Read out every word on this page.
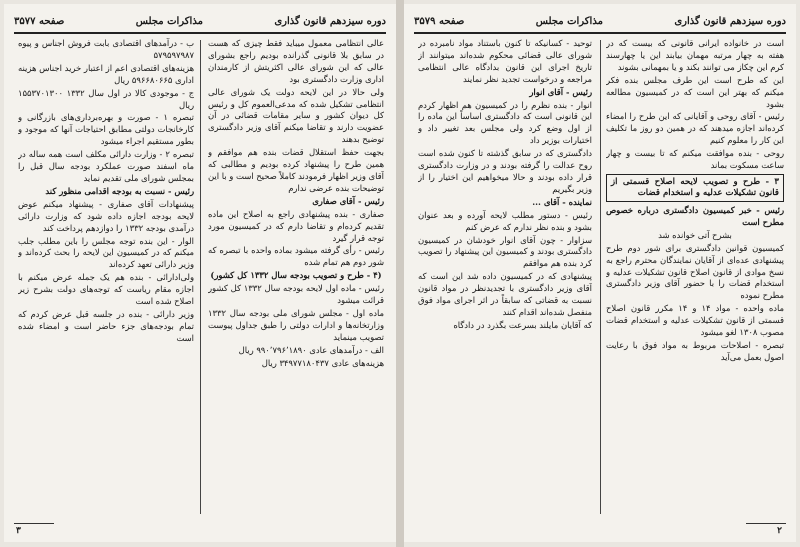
دوره سیزدهم قانون گذاری
مذاکرات مجلس
صفحه ۳۵۷۷

عالی انتظامی معمول میباید فقط چیزی که هست در سابق بلا قانونی گذرانده بودیم راجع بشورای عالی که این شورای عالی اکثریتش از کارمندان اداری وزارت دادگستری بود

ولی حالا در این لایحه دولت یک شورای عالی انتظامی تشکیل شده که مدعی‌العموم کل و رئیس کل دیوان کشور و سایر مقامات قضائی در آن عضویت دارند و تقاضا میکنم آقای وزیر دادگستری توضیح بدهند

بجهت حفظ استقلال قضات بنده هم موافقم و همین طرح را پیشنهاد کرده بودیم و مطالبی که آقای وزیر اظهار فرمودند کاملاً صحیح است و با این توضیحات بنده عرضی ندارم

رئیس - آقای صفاری

صفاری - بنده پیشنهادی راجع به اصلاح این ماده تقدیم کرده‌ام و تقاضا دارم که در کمیسیون مورد توجه قرار گیرد

رئیس - رأی گرفته میشود بماده واحده با تبصره که شور دوم هم تمام شده

(۴ - طرح و تصویب بودجه سال ۱۳۳۲ کل کشور)

رئیس - ماده اول لایحه بودجه سال ۱۳۳۲ کل کشور قرائت میشود

ماده اول - مجلس شورای ملی بودجه سال ۱۳۳۲ وزارتخانه‌ها و ادارات دولتی را طبق جداول پیوست تصویب مینماید

الف - درآمدهای عادی ۹۹۰٬۷۹۶٬۱۸۹۰ ریال

هزینه‌های عادی ۳۴۹۷۷۱۸۰۴۳۷ ریال

ب - درآمدهای اقتصادی بابت فروش اجناس و پیوه ۵۷۹۵۹۷۹۸۷

هزینه‌های اقتصادی اعم از اعتبار خرید اجناس هزینه اداری ۵۹۶۶۸۰۶۶۵ ریال

ج - موجودی کالا در اول سال ۱۳۳۲ ۱۵۵۳۷۰۱۳۰۰ ریال

تبصره ۱ - صورت و بهره‌برداری‌های بازرگانی و کارخانجات دولتی مطابق احتیاجات آنها که موجود و بطور مستقیم اجراء میشود

تبصره ۲ - وزارت دارائی مکلف است همه ساله در ماه اسفند صورت عملکرد بودجه سال قبل را بمجلس شورای ملی تقدیم نماید

رئیس - نسبت به بودجه اقدامی منظور کند

پیشنهادات آقای صفاری - پیشنهاد میکنم عوض لایحه بودجه اجازه داده شود که وزارت دارائی درآمدی بودجه ۱۳۳۲ را دوازدهم پرداخت کند

الوار - این بنده توجه مجلس را باین مطلب جلب میکنم که در کمیسیون این لایحه را بحث کرده‌اند و وزیر دارائی تعهد کرده‌اند

ولی‌ادارائی - بنده هم یک جمله عرض میکنم با اجازه مقام ریاست که توجه‌های دولت بشرح زیر اصلاح شده است

وزیر دارائی - بنده در جلسه قبل عرض کردم که تمام بودجه‌های جزء حاضر است و امضاء شده است

۳
دوره سیزدهم قانون گذاری
مذاکرات مجلس
صفحه ۳۵۷۹

است در خانواده ایرانی قانونی که بیست که در هفته به چهار مرتبه مهمان بیابند این یا چهارسند کرم این چکاز می توانند بکند و یا بمهمانی بشوند

این که طرح است این طرف مجلس بنده فکر میکنم که بهتر این است که در کمیسیون مطالعه بشود

رئیس - آقای روحی و آقایانی که این طرح را امضاء کرده‌اند اجازه میدهند که در همین دو روز ما تکلیف این کار را معلوم کنیم

روحی - بنده موافقت میکنم که تا بیست و چهار ساعت مسکوت بماند

۳ - طرح و تصویب لایحه اصلاح قسمتی از قانون تشکیلات عدلیه و استخدام قضات

رئیس - خبر کمیسیون دادگستری درباره خصوص مطرح است

بشرح آتی خوانده شد

کمیسیون قوانین دادگستری برای شور دوم طرح پیشنهادی عده‌ای از آقایان نمایندگان محترم راجع به نسخ موادی از قانون اصلاح قانون تشکیلات عدلیه و استخدام قضات را با حضور آقای وزیر دادگستری مطرح نموده

ماده واحده - مواد ۱۴ و ۱۴ مکرر قانون اصلاح قسمتی از قانون تشکیلات عدلیه و استخدام قضات مصوب ۱۳۰۸ لغو میشود

تبصره - اصلاحات مربوط به مواد فوق با رعایت اصول بعمل می‌آید

توحید - کسانیکه تا کنون باستناد مواد نامبرده در شورای عالی قضائی محکوم شده‌اند میتوانند از تاریخ اجرای این قانون بدادگاه عالی انتظامی مراجعه و درخواست تجدید نظر نمایند

رئیس - آقای انوار

انوار - بنده نظرم را در کمیسیون هم اظهار کردم این قانونی است که دادگستری اساساً این ماده را از اول وضع کرد ولی مجلس بعد تغییر داد و اختیارات بوزیر داد

دادگستری که در سابق گذشته تا کنون شده است روح عدالت را گرفته بودند و در وزارت دادگستری قرار داده بودند و حالا میخواهیم این اختیار را از وزیر بگیریم

نماینده - آقای ...

رئیس - دستور مطلب لایحه آورده و بعد عنوان بشود و بنده نظر ندارم که عرض کنم

سزاوار - چون آقای انوار خودشان در کمیسیون دادگستری بودند و کمیسیون این پیشنهاد را تصویب کرد بنده هم موافقم

پیشنهادی که در کمیسیون داده شد این است که آقای وزیر دادگستری با تجدیدنظر در مواد قانون نسبت به قضاتی که سابقاً در اثر اجرای مواد فوق منفصل شده‌اند اقدام کنند

که آقایان مایلند بسرعت بگذرد در دادگاه

۲
